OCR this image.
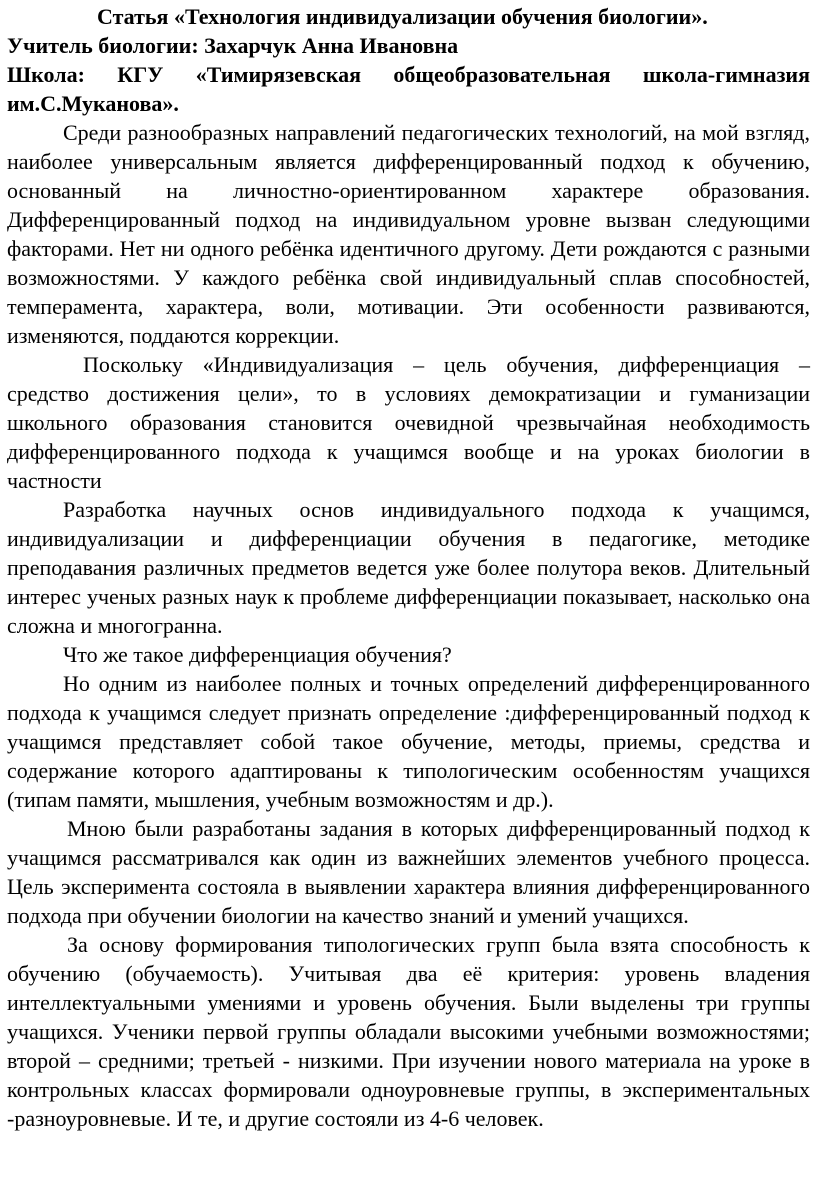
Статья «Технология индивидуализации обучения биологии».

Учитель биологии: Захарчук Анна Ивановна

Школа: КГУ «Тимирязевская общеобразовательная школа-гимназия им.С.Муканова».

Среди разнообразных направлений педагогических технологий, на мой взгляд, наиболее универсальным является дифференцированный подход к обучению, основанный на личностно-ориентированном характере образования. Дифференцированный подход на индивидуальном уровне вызван следующими факторами. Нет ни одного ребёнка идентичного другому. Дети рождаются с разными возможностями. У каждого ребёнка свой индивидуальный сплав способностей, темперамента, характера, воли, мотивации. Эти особенности развиваются, изменяются, поддаются коррекции.

Поскольку «Индивидуализация – цель обучения, дифференциация – средство достижения цели», то в условиях демократизации и гуманизации школьного образования становится очевидной чрезвычайная необходимость дифференцированного подхода к учащимся вообще и на уроках биологии в частности

Разработка научных основ индивидуального подхода к учащимся, индивидуализации и дифференциации обучения в педагогике, методике преподавания различных предметов ведется уже более полутора веков. Длительный интерес ученых разных наук к проблеме дифференциации показывает, насколько она сложна и многогранна.

Что же такое дифференциация обучения?

Но одним из наиболее полных и точных определений дифференцированного подхода к учащимся следует признать определение :дифференцированный подход к учащимся представляет собой такое обучение, методы, приемы, средства и содержание которого адаптированы к типологическим особенностям учащихся (типам памяти, мышления, учебным возможностям и др.).

Мною были разработаны задания в которых дифференцированный подход к учащимся рассматривался как один из важнейших элементов учебного процесса. Цель эксперимента состояла в выявлении характера влияния дифференцированного подхода при обучении биологии на качество знаний и умений учащихся.

За основу формирования типологических групп была взята способность к обучению (обучаемость). Учитывая два её критерия: уровень владения интеллектуальными умениями и уровень обучения. Были выделены три группы учащихся. Ученики первой группы обладали высокими учебными возможностями; второй – средними; третьей - низкими. При изучении нового материала на уроке в контрольных классах формировали одноуровневые группы, в экспериментальных -разноуровневые. И те, и другие состояли из 4-6 человек.
